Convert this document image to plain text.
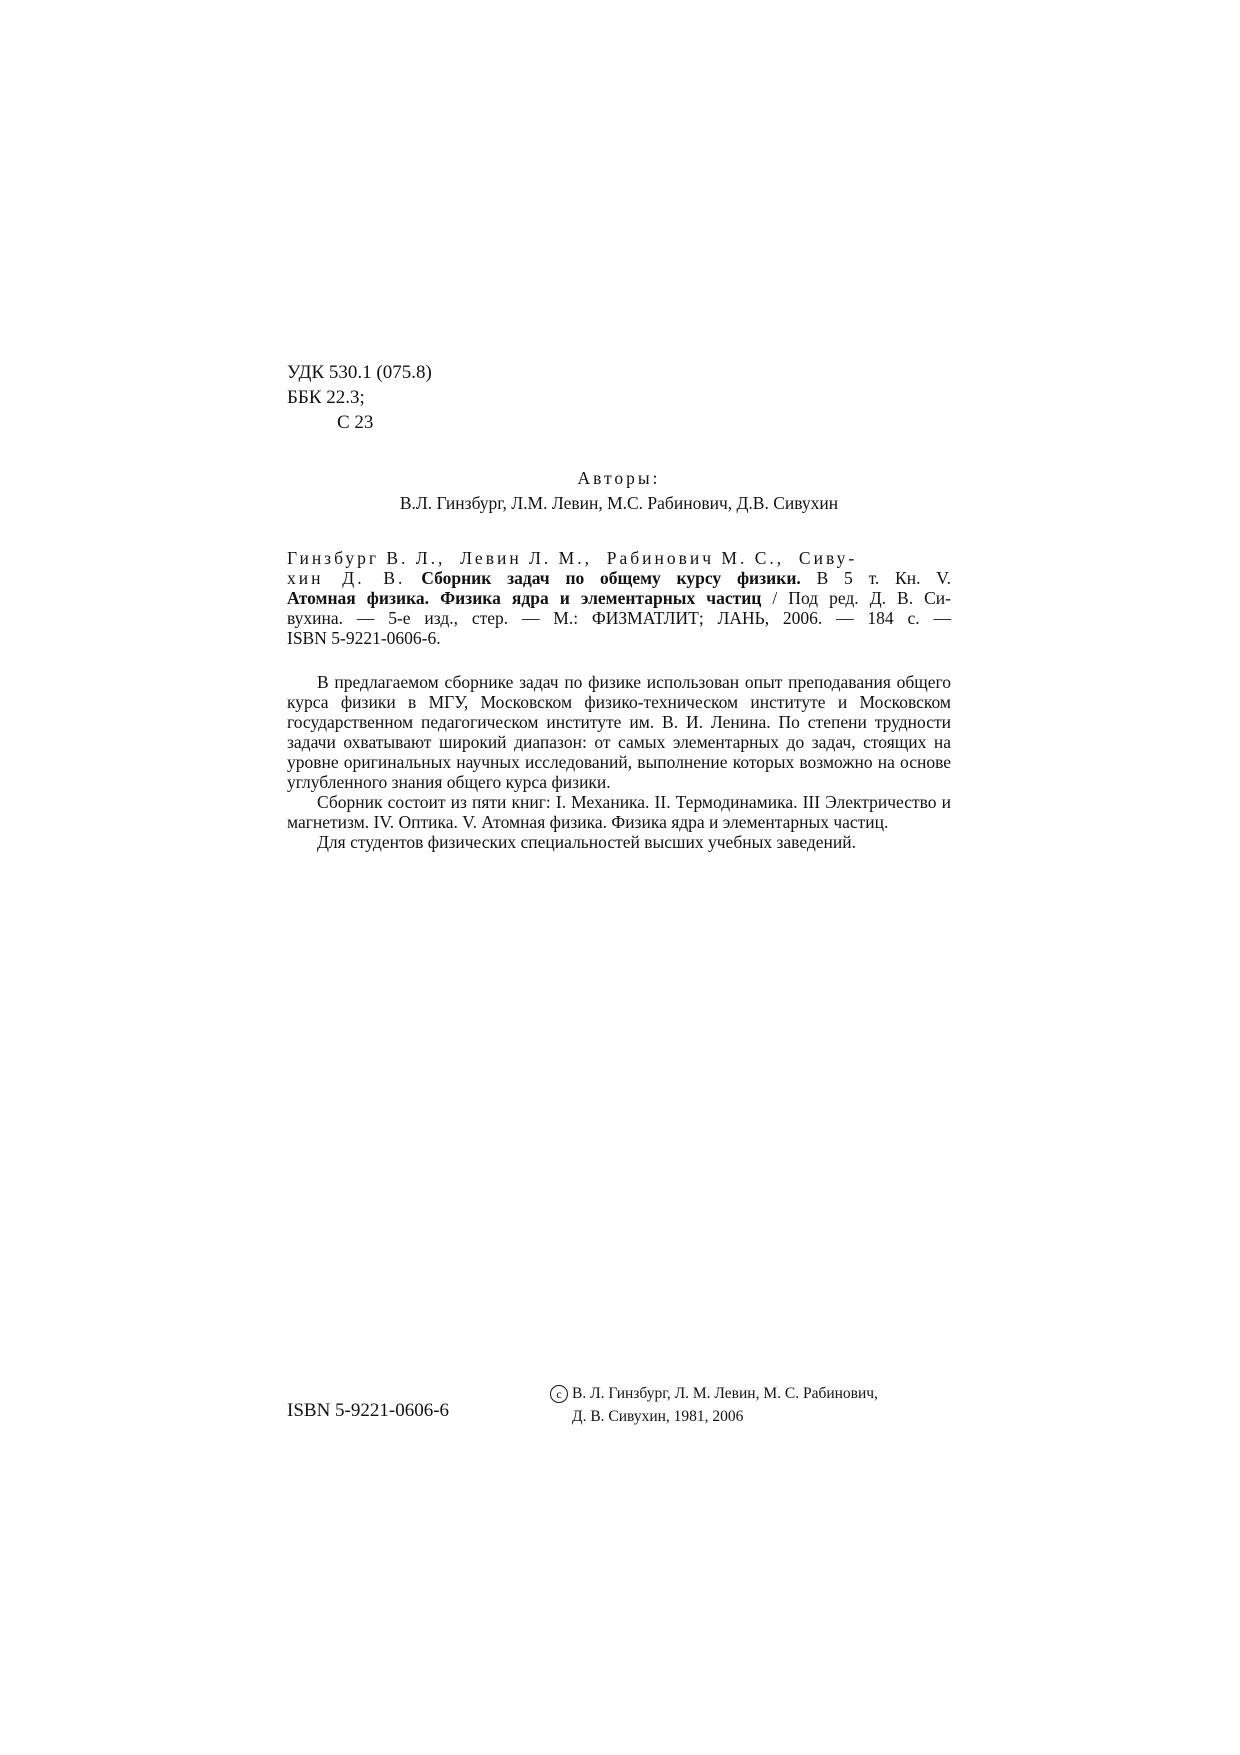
УДК 530.1 (075.8)
ББК 22.3;
С 23
Авторы:
В.Л. Гинзбург, Л.М. Левин, М.С. Рабинович, Д.В. Сивухин
Гинзбург В. Л.,  Левин Л. М.,  Рабинович М. С.,  Сиву-
хин Д. В. Сборник задач по общему курсу физики. В 5 т. Кн. V.
Атомная физика. Физика ядра и элементарных частиц / Под ред. Д. В. Си-
вухина. — 5-е изд., стер. — М.: ФИЗМАТЛИТ; ЛАНЬ, 2006. — 184 с. —
ISBN 5-9221-0606-6.

В предлагаемом сборнике задач по физике использован опыт преподавания общего курса физики в МГУ, Московском физико-техническом институте и Московском государственном педагогическом институте им. В. И. Ленина. По степени трудности задачи охватывают широкий диапазон: от самых элементарных до задач, стоящих на уровне оригинальных научных исследований, выполнение которых возможно на основе углубленного знания общего курса физики.

Сборник состоит из пяти книг: I. Механика. II. Термодинамика. III Электричество и магнетизм. IV. Оптика. V. Атомная физика. Физика ядра и элементарных частиц.

Для студентов физических специальностей высших учебных заведений.

ISBN 5-9221-0606-6
c В. Л. Гинзбург, Л. М. Левин, М. С. Рабинович,
Д. В. Сивухин, 1981, 2006
